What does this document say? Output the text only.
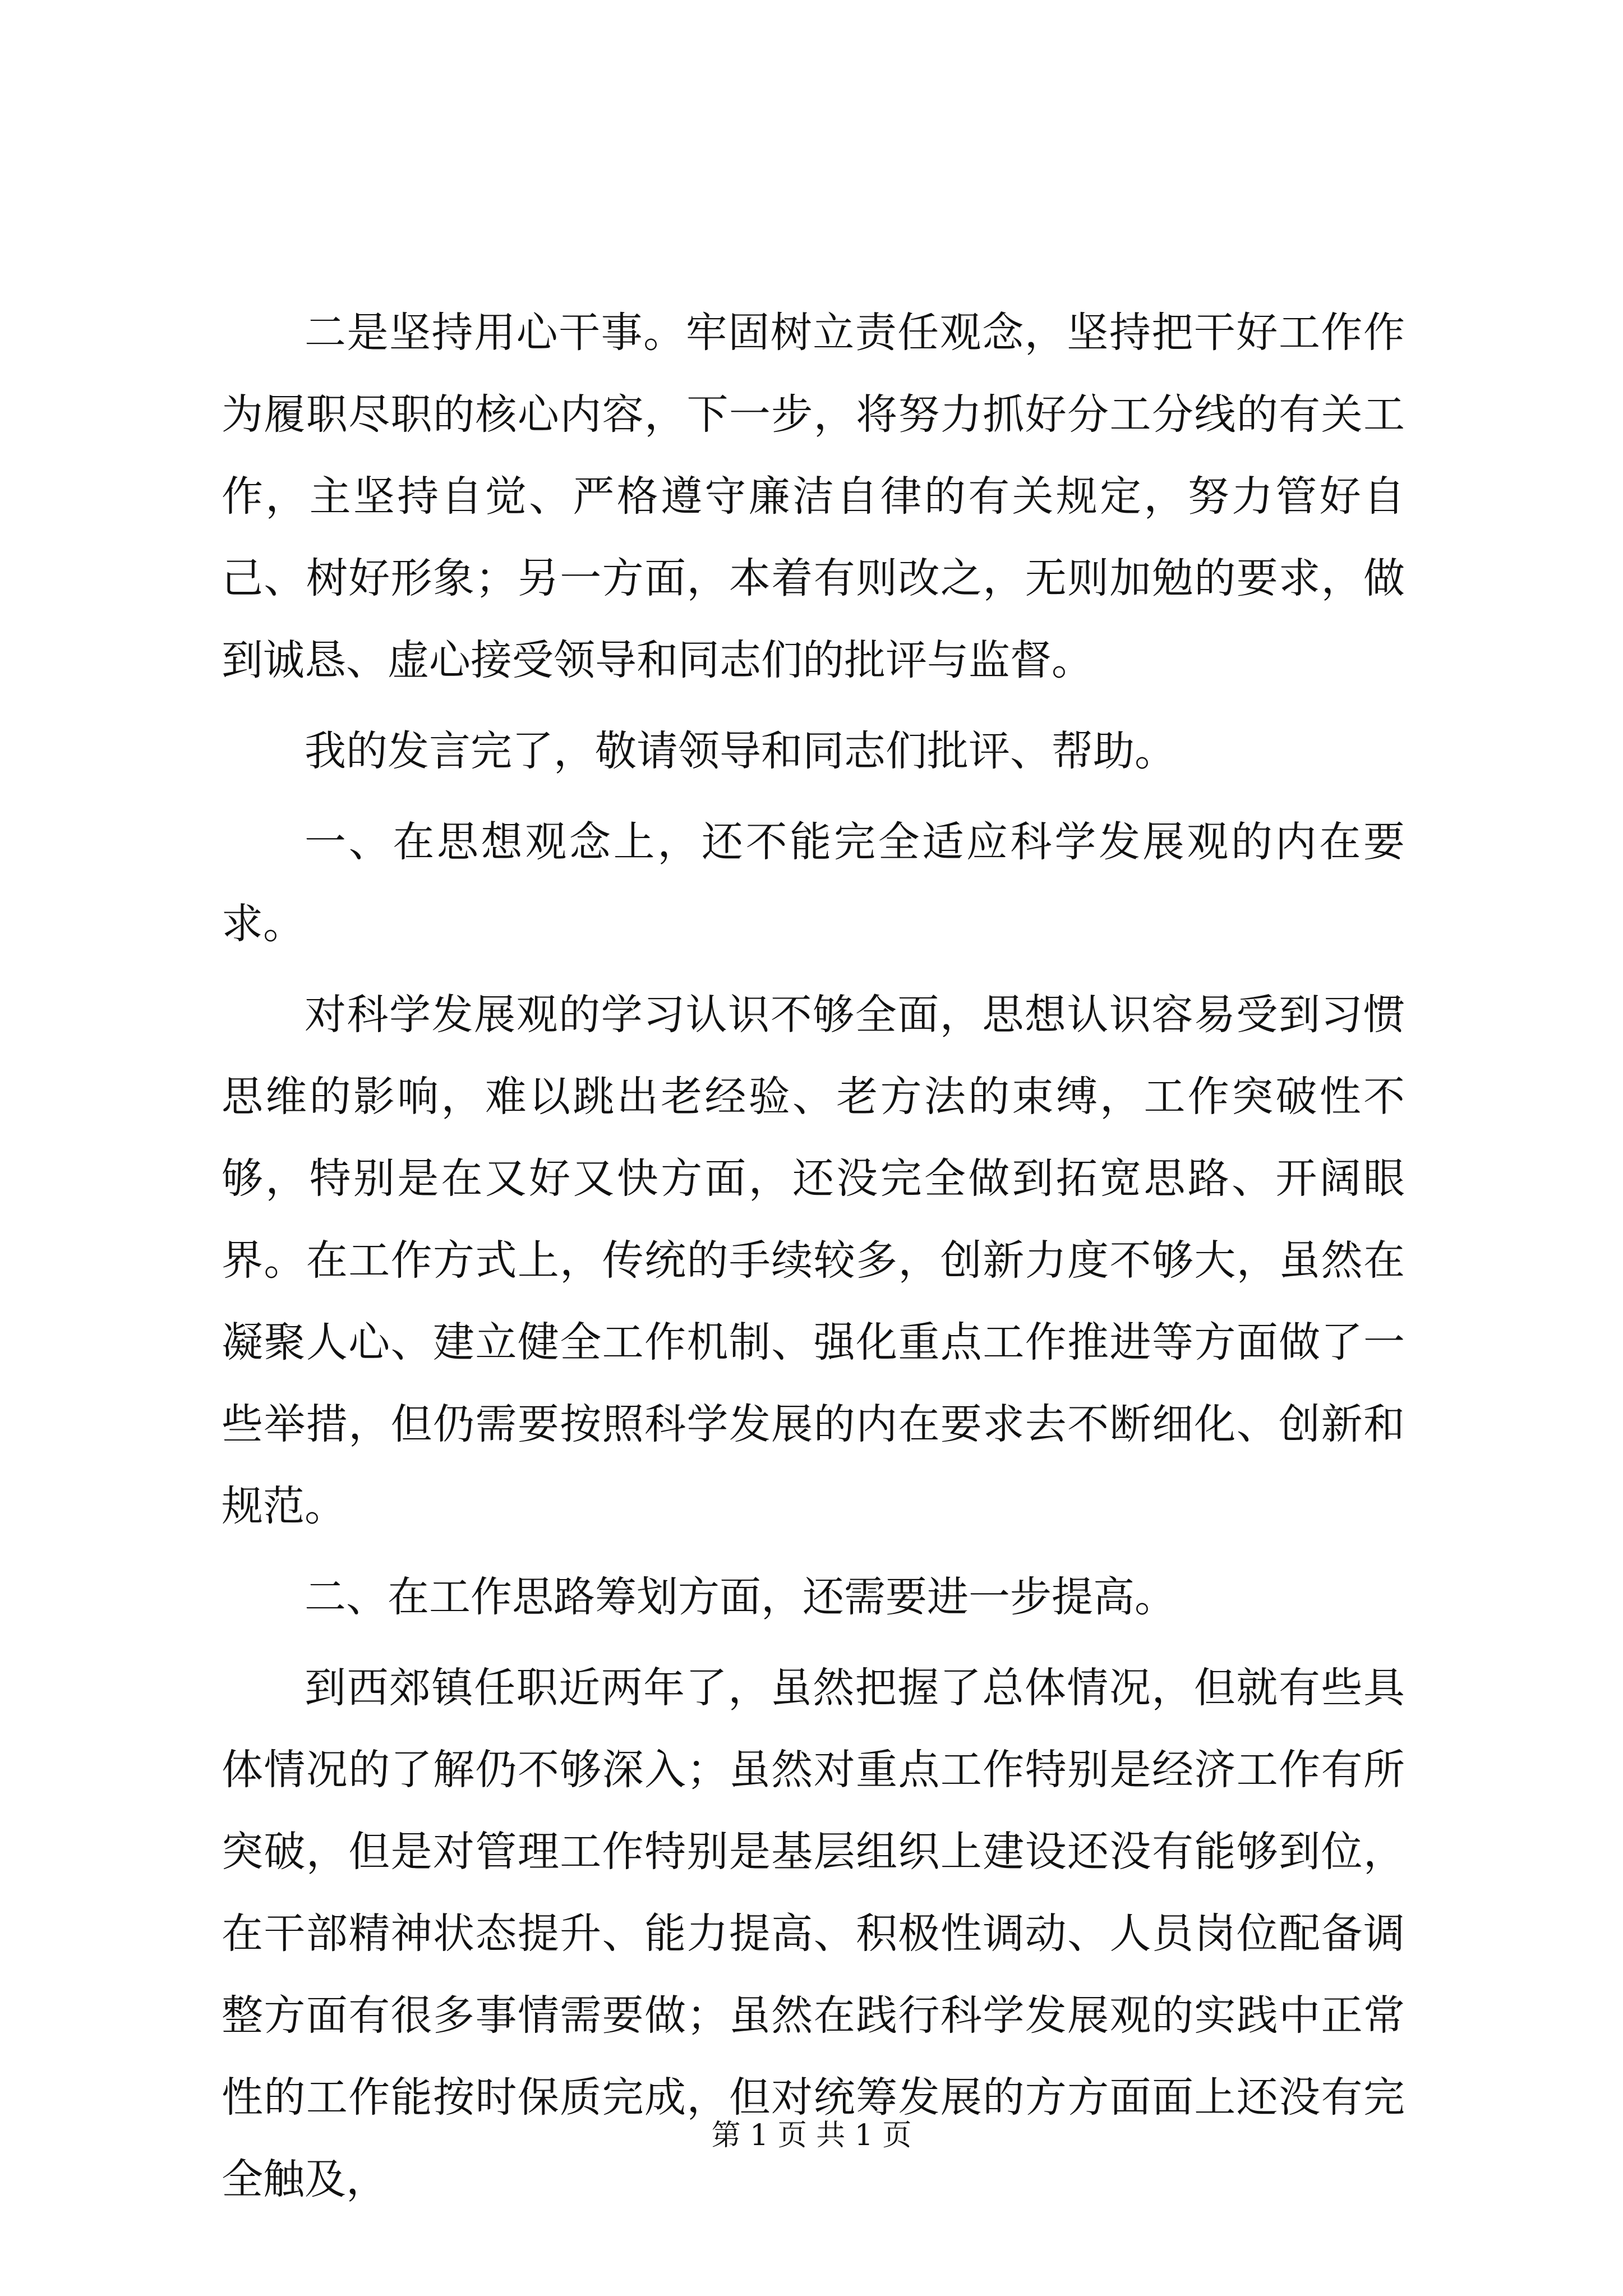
二是坚持用心干事。牢固树立责任观念，坚持把干好工作作为履职尽职的核心内容，下一步，将努力抓好分工分线的有关工作，主坚持自觉、严格遵守廉洁自律的有关规定，努力管好自己、树好形象；另一方面，本着有则改之，无则加勉的要求，做到诚恳、虚心接受领导和同志们的批评与监督。

我的发言完了，敬请领导和同志们批评、帮助。

一、在思想观念上，还不能完全适应科学发展观的内在要求。

对科学发展观的学习认识不够全面，思想认识容易受到习惯思维的影响，难以跳出老经验、老方法的束缚，工作突破性不够，特别是在又好又快方面，还没完全做到拓宽思路、开阔眼界。在工作方式上，传统的手续较多，创新力度不够大，虽然在凝聚人心、建立健全工作机制、强化重点工作推进等方面做了一些举措，但仍需要按照科学发展的内在要求去不断细化、创新和规范。

二、在工作思路筹划方面，还需要进一步提高。

到西郊镇任职近两年了，虽然把握了总体情况，但就有些具体情况的了解仍不够深入；虽然对重点工作特别是经济工作有所突破，但是对管理工作特别是基层组织上建设还没有能够到位，在干部精神状态提升、能力提高、积极性调动、人员岗位配备调整方面有很多事情需要做；虽然在践行科学发展观的实践中正常性的工作能按时保质完成，但对统筹发展的方方面面上还没有完全触及，

第 1 页 共 1 页
